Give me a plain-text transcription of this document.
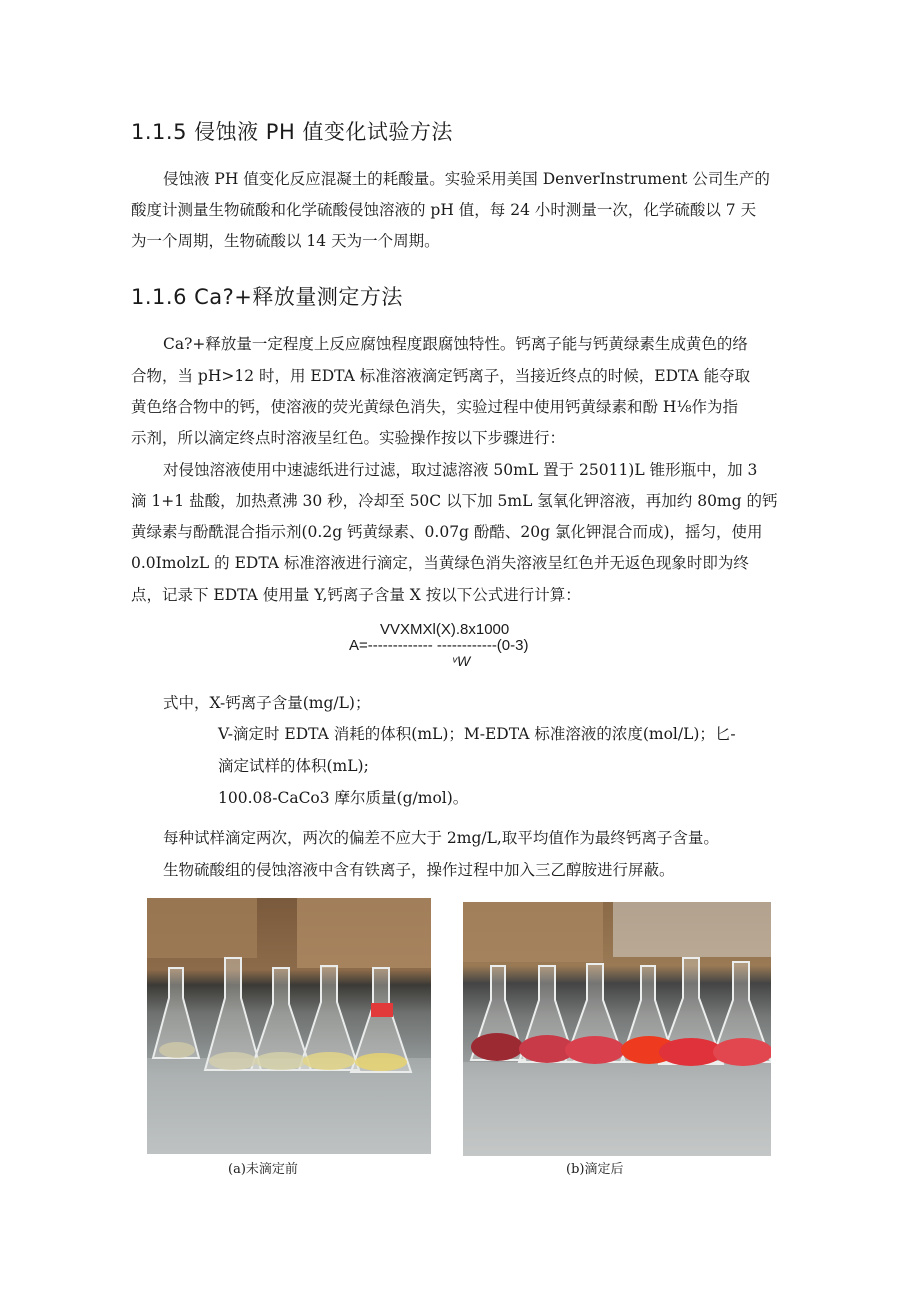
1.1.5 侵蚀液 PH 值变化试验方法
侵蚀液 PH 值变化反应混凝土的耗酸量。实验采用美国 DenverInstrument 公司生产的
酸度计测量生物硫酸和化学硫酸侵蚀溶液的 pH 值，每 24 小时测量一次，化学硫酸以 7 天
为一个周期，生物硫酸以 14 天为一个周期。
1.1.6 Ca?+释放量测定方法
Ca?+释放量一定程度上反应腐蚀程度跟腐蚀特性。钙离子能与钙黄绿素生成黄色的络
合物，当 pH>12 时，用 EDTA 标准溶液滴定钙离子，当接近终点的时候，EDTA 能夺取
黄色络合物中的钙，使溶液的荧光黄绿色消失，实验过程中使用钙黄绿素和酚 H⅛作为指
示剂，所以滴定终点时溶液呈红色。实验操作按以下步骤进行：
对侵蚀溶液使用中速滤纸进行过滤，取过滤溶液 50mL 置于 25011)L 锥形瓶中，加 3
滴 1+1 盐酸，加热煮沸 30 秒，冷却至 50C 以下加 5mL 氢氧化钾溶液，再加约 80mg 的钙
黄绿素与酚酰混合指示剂(0.2g 钙黄绿素、0.07g 酚酷、20g 氯化钾混合而成)，摇匀，使用
0.0ImolzL 的 EDTA 标准溶液进行滴定，当黄绿色消失溶液呈红色并无返色现象时即为终
点，记录下 EDTA 使用量 Y,钙离子含量 X 按以下公式进行计算：
VVXMXl(X).8x1000
A=------------- ------------(0-3)
ᵛW
式中，X-钙离子含量(mg/L)；
V-滴定时 EDTA 消耗的体积(mL)；M-EDTA 标准溶液的浓度(mol/L)；匕-
滴定试样的体积(mL);
100.08-CaCo3 摩尔质量(g∕mol)。
每种试样滴定两次，两次的偏差不应大于 2mg/L,取平均值作为最终钙离子含量。
生物硫酸组的侵蚀溶液中含有铁离子，操作过程中加入三乙醇胺进行屏蔽。
(a)未滴定前	(b)滴定后
